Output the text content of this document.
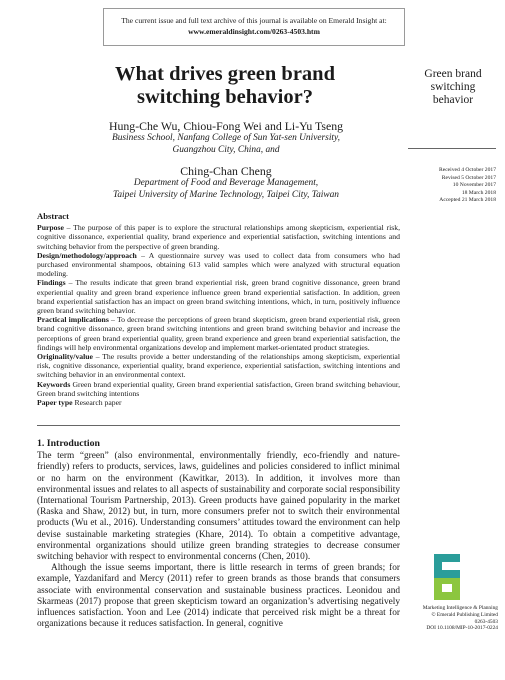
The current issue and full text archive of this journal is available on Emerald Insight at:
www.emeraldinsight.com/0263-4503.htm
What drives green brand
switching behavior?
Green brand
switching
behavior
Received 4 October 2017
Revised 5 October 2017
10 November 2017
18 March 2018
Accepted 21 March 2018
Hung-Che Wu, Chiou-Fong Wei and Li-Yu Tseng
Business School, Nanfang College of Sun Yat-sen University,
Guangzhou City, China, and
Ching-Chan Cheng
Department of Food and Beverage Management,
Taipei University of Marine Technology, Taipei City, Taiwan
Abstract

Purpose – The purpose of this paper is to explore the structural relationships among skepticism, experiential risk, cognitive dissonance, experiential quality, brand experience and experiential satisfaction, switching intentions and switching behavior from the perspective of green branding.

Design/methodology/approach – A questionnaire survey was used to collect data from consumers who had purchased environmental shampoos, obtaining 613 valid samples which were analyzed with structural equation modeling.

Findings – The results indicate that green brand experiential risk, green brand cognitive dissonance, green brand experiential quality and green brand experience influence green brand experiential satisfaction. In addition, green brand experiential satisfaction has an impact on green brand switching intentions, which, in turn, positively influence green brand switching behavior.

Practical implications – To decrease the perceptions of green brand skepticism, green brand experiential risk, green brand cognitive dissonance, green brand switching intentions and green brand switching behavior and increase the perceptions of green brand experiential quality, green brand experience and green brand experiential satisfaction, the findings will help environmental organizations develop and implement market-orientated product strategies.

Originality/value – The results provide a better understanding of the relationships among skepticism, experiential risk, cognitive dissonance, experiential quality, brand experience, experiential satisfaction, switching intentions and switching behavior in an environmental context.

Keywords Green brand experiential quality, Green brand experiential satisfaction, Green brand switching behaviour, Green brand switching intentions

Paper type Research paper

1. Introduction

The term “green” (also environmental, environmentally friendly, eco-friendly and nature-friendly) refers to products, services, laws, guidelines and policies considered to inflict minimal or no harm on the environment (Kawitkar, 2013). In addition, it involves more than environmental issues and relates to all aspects of sustainability and corporate social responsibility (International Tourism Partnership, 2013). Green products have gained popularity in the market (Raska and Shaw, 2012) but, in turn, more consumers prefer not to switch their environmental products (Wu et al., 2016). Understanding consumers’ attitudes toward the environment can help devise sustainable marketing strategies (Khare, 2014). To obtain a competitive advantage, environmental organizations should utilize green branding strategies to decrease consumer switching behavior with respect to environmental concerns (Chen, 2010).

Although the issue seems important, there is little research in terms of green brands; for example, Yazdanifard and Mercy (2011) refer to green brands as those brands that consumers associate with environmental conservation and sustainable business practices. Leonidou and Skarmeas (2017) propose that green skepticism toward an organization’s advertising negatively influences satisfaction. Yoon and Lee (2014) indicate that perceived risk might be a threat for organizations because it reduces satisfaction. In general, cognitive

Marketing Intelligence & Planning
© Emerald Publishing Limited
0263-4503
DOI 10.1108/MIP-10-2017-0224
